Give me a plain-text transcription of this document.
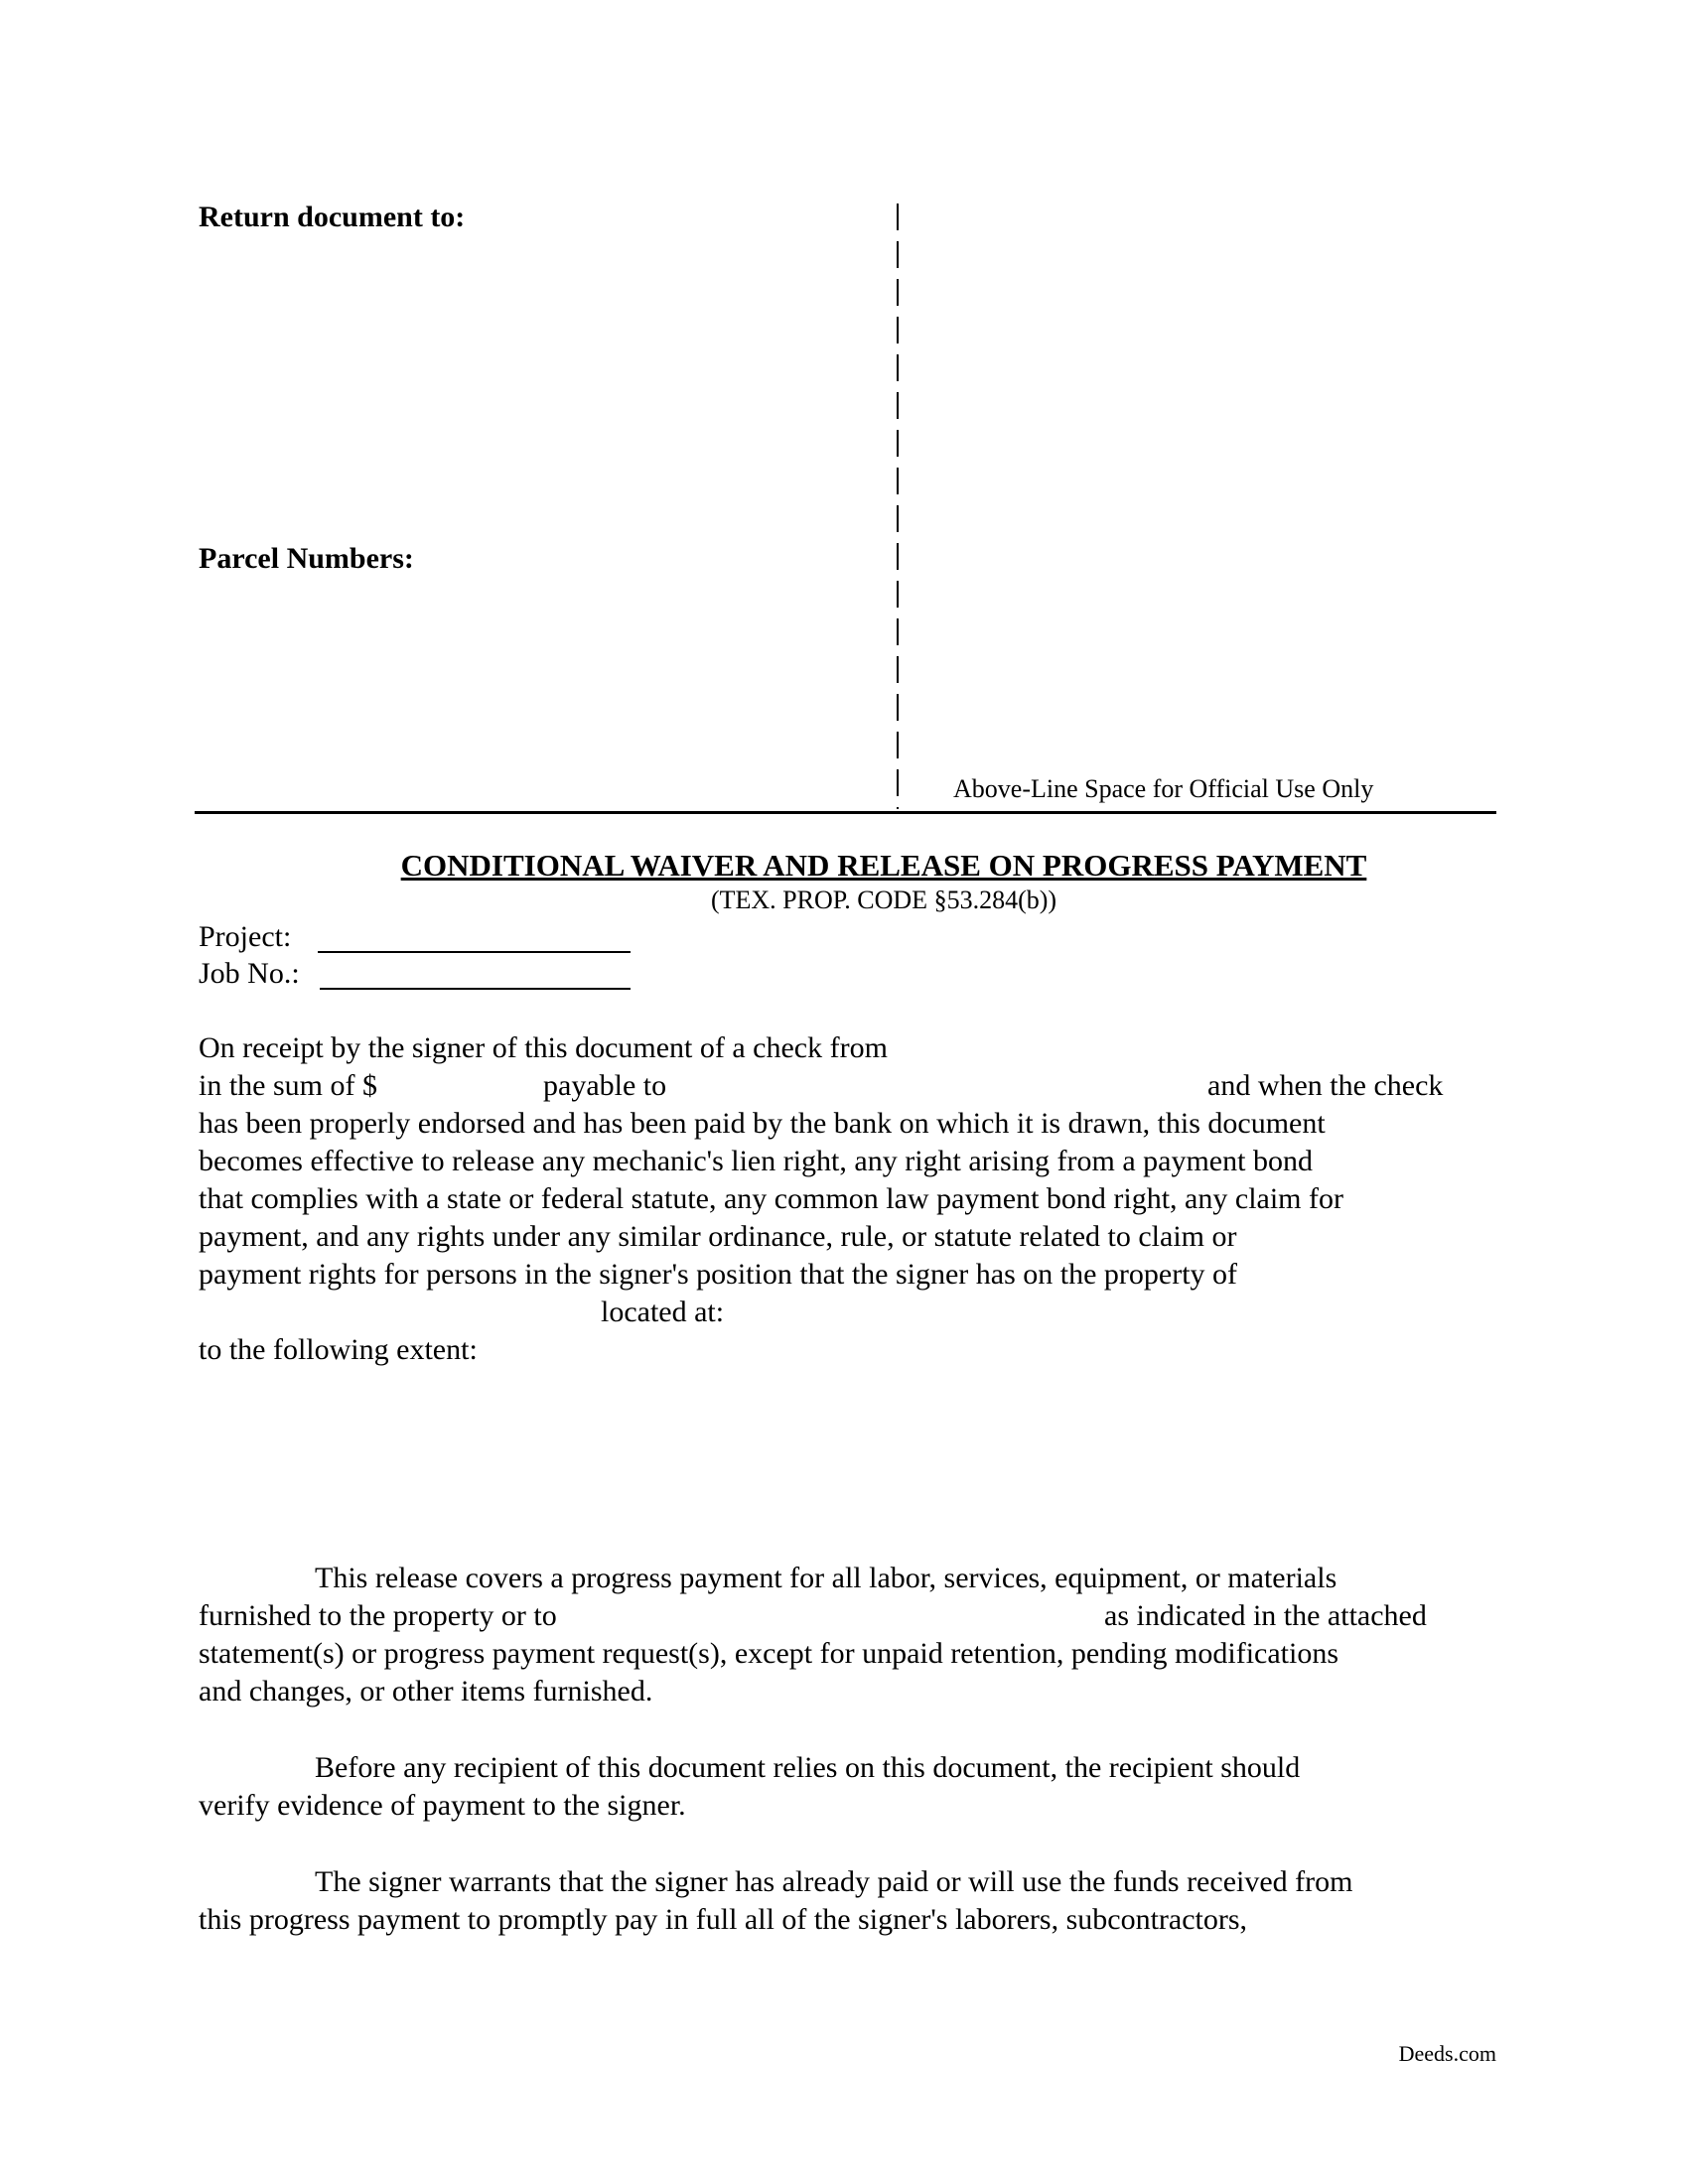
Return document to:
Parcel Numbers:
Above-Line Space for Official Use Only
CONDITIONAL WAIVER AND RELEASE ON PROGRESS PAYMENT
(TEX. PROP. CODE §53.284(b))
Project:
Job No.:
On receipt by the signer of this document of a check from
in the sum of $	payable to	and when the check
has been properly endorsed and has been paid by the bank on which it is drawn, this document
becomes effective to release any mechanic's lien right, any right arising from a payment bond
that complies with a state or federal statute, any common law payment bond right, any claim for
payment, and any rights under any similar ordinance, rule, or statute related to claim or
payment rights for persons in the signer's position that the signer has on the property of
located at:
to the following extent:
This release covers a progress payment for all labor, services, equipment, or materials
furnished to the property or to	as indicated in the attached
statement(s) or progress payment request(s), except for unpaid retention, pending modifications
and changes, or other items furnished.
Before any recipient of this document relies on this document, the recipient should
verify evidence of payment to the signer.
The signer warrants that the signer has already paid or will use the funds received from
this progress payment to promptly pay in full all of the signer's laborers, subcontractors,
Deeds.com
